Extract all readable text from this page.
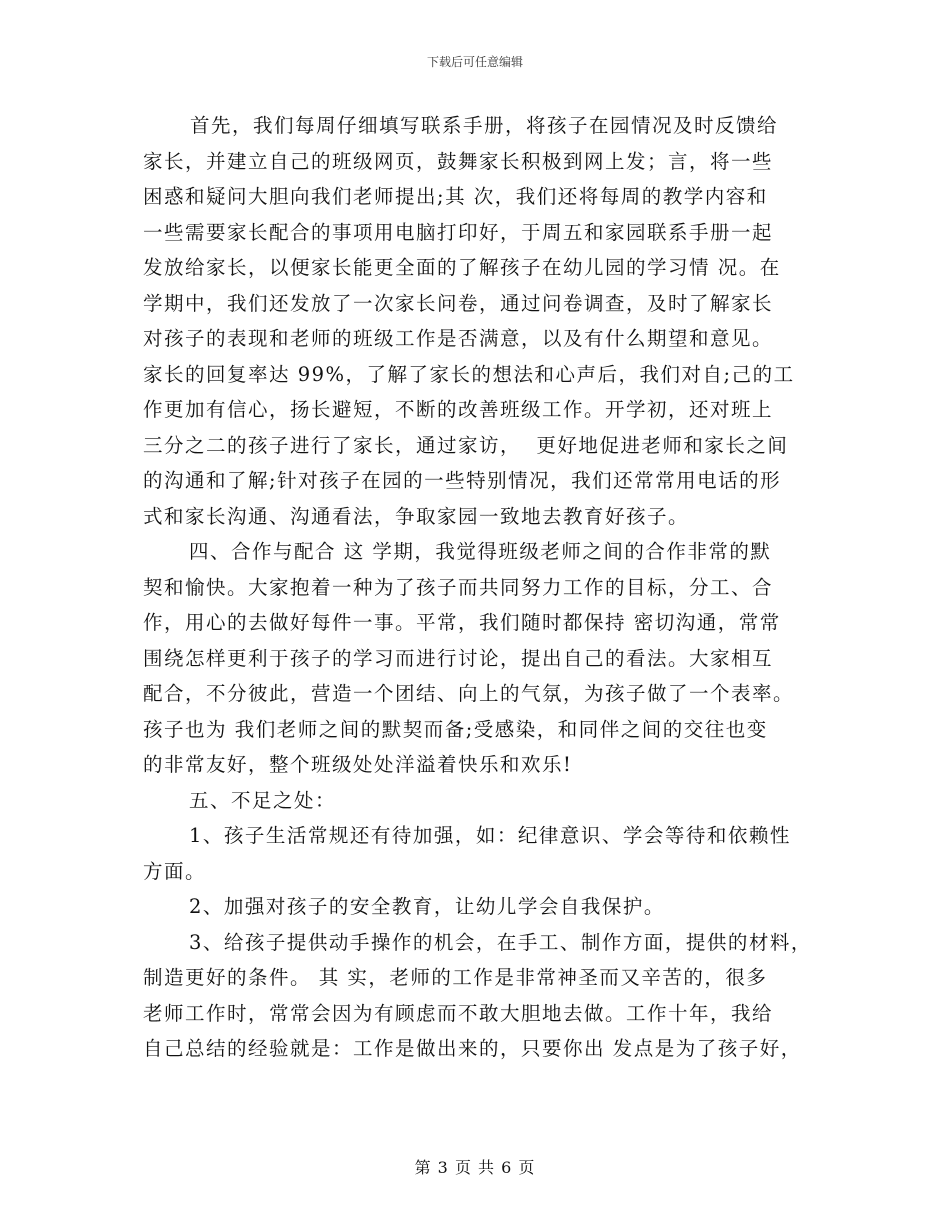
下载后可任意编辑
首先，我们每周仔细填写联系手册，将孩子在园情况及时反馈给
家长，并建立自己的班级网页，鼓舞家长积极到网上发；言，将一些
困惑和疑问大胆向我们老师提出;其 次，我们还将每周的教学内容和
一些需要家长配合的事项用电脑打印好，于周五和家园联系手册一起
发放给家长，以便家长能更全面的了解孩子在幼儿园的学习情 况。在
学期中，我们还发放了一次家长问卷，通过问卷调查，及时了解家长
对孩子的表现和老师的班级工作是否满意，以及有什么期望和意见。
家长的回复率达 99%，了解了家长的想法和心声后，我们对自;己的工
作更加有信心，扬长避短，不断的改善班级工作。开学初，还对班上
三分之二的孩子进行了家长，通过家访，  更好地促进老师和家长之间
的沟通和了解;针对孩子在园的一些特别情况，我们还常常用电话的形
式和家长沟通、沟通看法，争取家园一致地去教育好孩子。
四、合作与配合 这 学期，我觉得班级老师之间的合作非常的默
契和愉快。大家抱着一种为了孩子而共同努力工作的目标，分工、合
作，用心的去做好每件一事。平常，我们随时都保持 密切沟通，常常
围绕怎样更利于孩子的学习而进行讨论，提出自己的看法。大家相互
配合，不分彼此，营造一个团结、向上的气氛，为孩子做了一个表率。
孩子也为 我们老师之间的默契而备;受感染，和同伴之间的交往也变
的非常友好，整个班级处处洋溢着快乐和欢乐!
五、不足之处：
1、孩子生活常规还有待加强，如：纪律意识、学会等待和依赖性
方面。
2、加强对孩子的安全教育，让幼儿学会自我保护。
3、给孩子提供动手操作的机会，在手工、制作方面，提供的材料，
制造更好的条件。 其 实，老师的工作是非常神圣而又辛苦的，很多
老师工作时，常常会因为有顾虑而不敢大胆地去做。工作十年，我给
自己总结的经验就是：工作是做出来的，只要你出 发点是为了孩子好，
第 3 页 共 6 页
